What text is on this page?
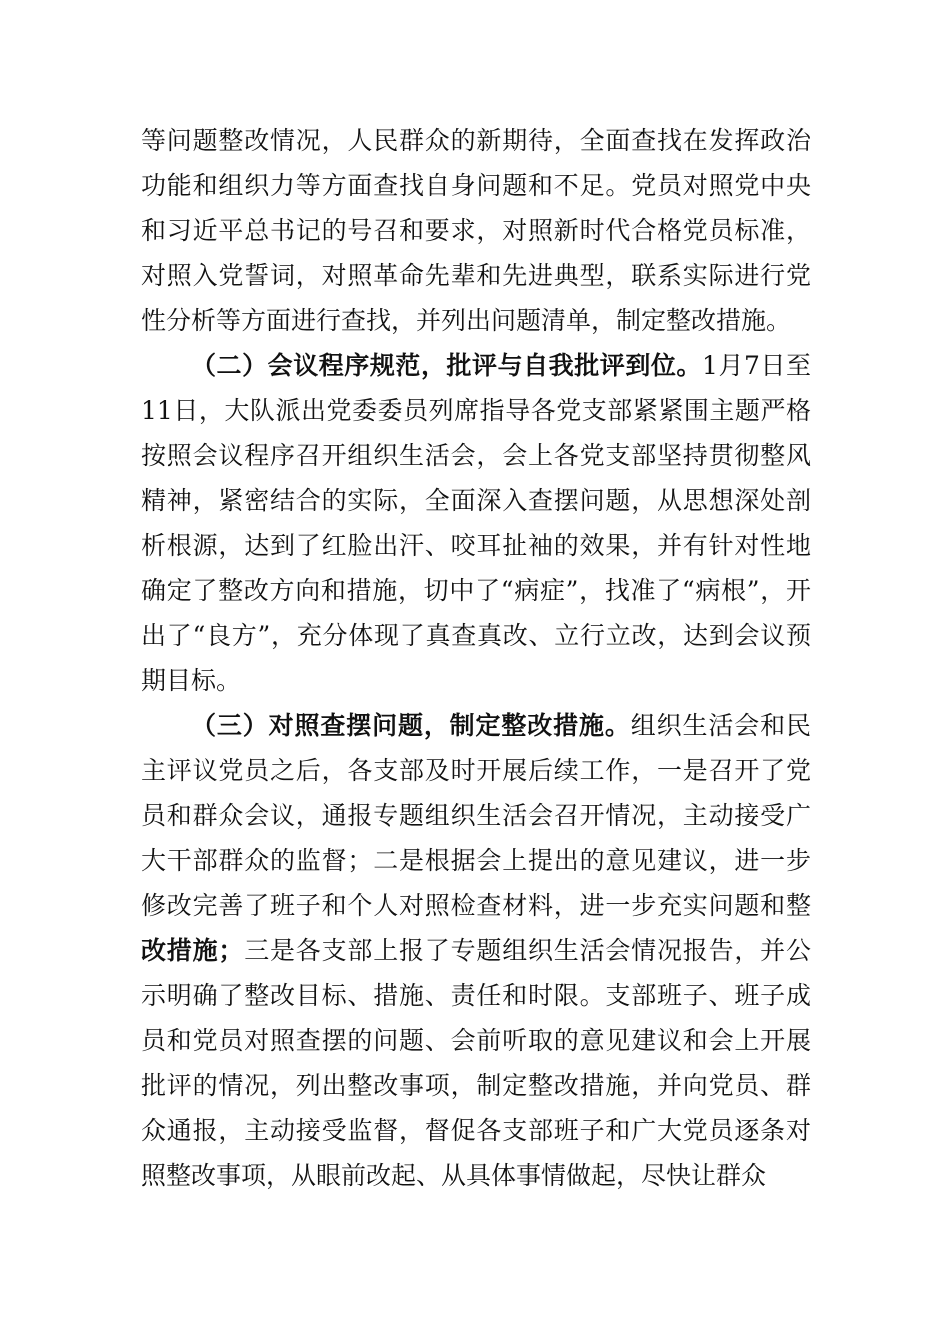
等问题整改情况，人民群众的新期待，全面查找在发挥政治功能和组织力等方面查找自身问题和不足。党员对照党中央和习近平总书记的号召和要求，对照新时代合格党员标准，对照入党誓词，对照革命先辈和先进典型，联系实际进行党性分析等方面进行查找，并列出问题清单，制定整改措施。

（二）会议程序规范，批评与自我批评到位。1月7日至11日，大队派出党委委员列席指导各党支部紧紧围主题严格按照会议程序召开组织生活会，会上各党支部坚持贯彻整风精神，紧密结合的实际，全面深入查摆问题，从思想深处剖析根源，达到了红脸出汗、咬耳扯袖的效果，并有针对性地确定了整改方向和措施，切中了“病症”，找准了“病根”，开出了“良方”，充分体现了真查真改、立行立改，达到会议预期目标。

（三）对照查摆问题，制定整改措施。组织生活会和民主评议党员之后，各支部及时开展后续工作，一是召开了党员和群众会议，通报专题组织生活会召开情况，主动接受广大干部群众的监督；二是根据会上提出的意见建议，进一步修改完善了班子和个人对照检查材料，进一步充实问题和整改措施；三是各支部上报了专题组织生活会情况报告，并公示明确了整改目标、措施、责任和时限。支部班子、班子成员和党员对照查摆的问题、会前听取的意见建议和会上开展批评的情况，列出整改事项，制定整改措施，并向党员、群众通报，主动接受监督，督促各支部班子和广大党员逐条对照整改事项，从眼前改起、从具体事情做起，尽快让群众
